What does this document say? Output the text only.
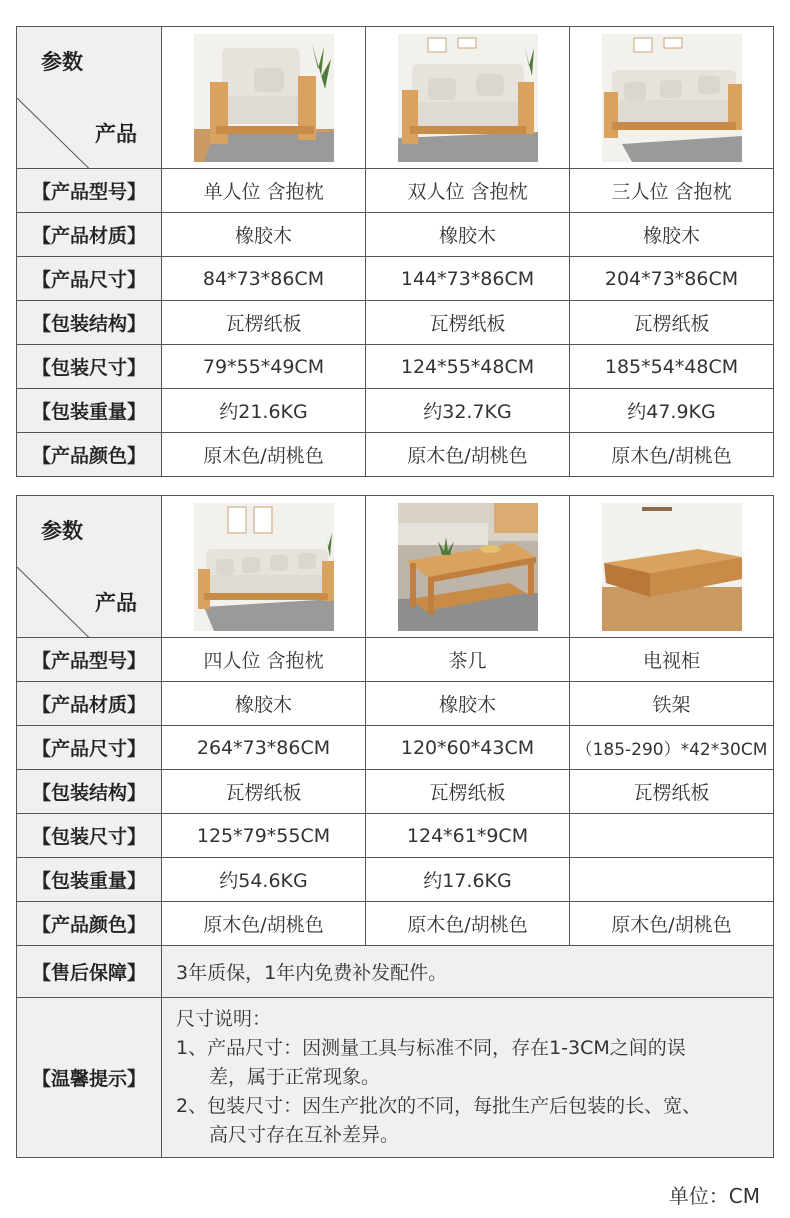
产品
参数

【产品型号】	单人位 含抱枕	双人位 含抱枕	三人位 含抱枕
【产品材质】	橡胶木	橡胶木	橡胶木
【产品尺寸】	84*73*86CM	144*73*86CM	204*73*86CM
【包装结构】	瓦楞纸板	瓦楞纸板	瓦楞纸板
【包装尺寸】	79*55*49CM	124*55*48CM	185*54*48CM
【包装重量】	约21.6KG	约32.7KG	约47.9KG
【产品颜色】	原木色/胡桃色	原木色/胡桃色	原木色/胡桃色
产品
参数

【产品型号】	四人位 含抱枕	茶几	电视柜
【产品材质】	橡胶木	橡胶木	铁架
【产品尺寸】	264*73*86CM	120*60*43CM	（185-290）*42*30CM
【包装结构】	瓦楞纸板	瓦楞纸板	瓦楞纸板
【包装尺寸】	125*79*55CM	124*61*9CM	
【包装重量】	约54.6KG	约17.6KG	
【产品颜色】	原木色/胡桃色	原木色/胡桃色	原木色/胡桃色
【售后保障】	3年质保，1年内免费补发配件。		
【温馨提示】	尺寸说明：
1、产品尺寸：因测量工具与标准不同，存在1-3CM之间的误
差，属于正常现象。
2、包装尺寸：因生产批次的不同，每批生产后包装的长、宽、
高尺寸存在互补差异。		
单位：CM
